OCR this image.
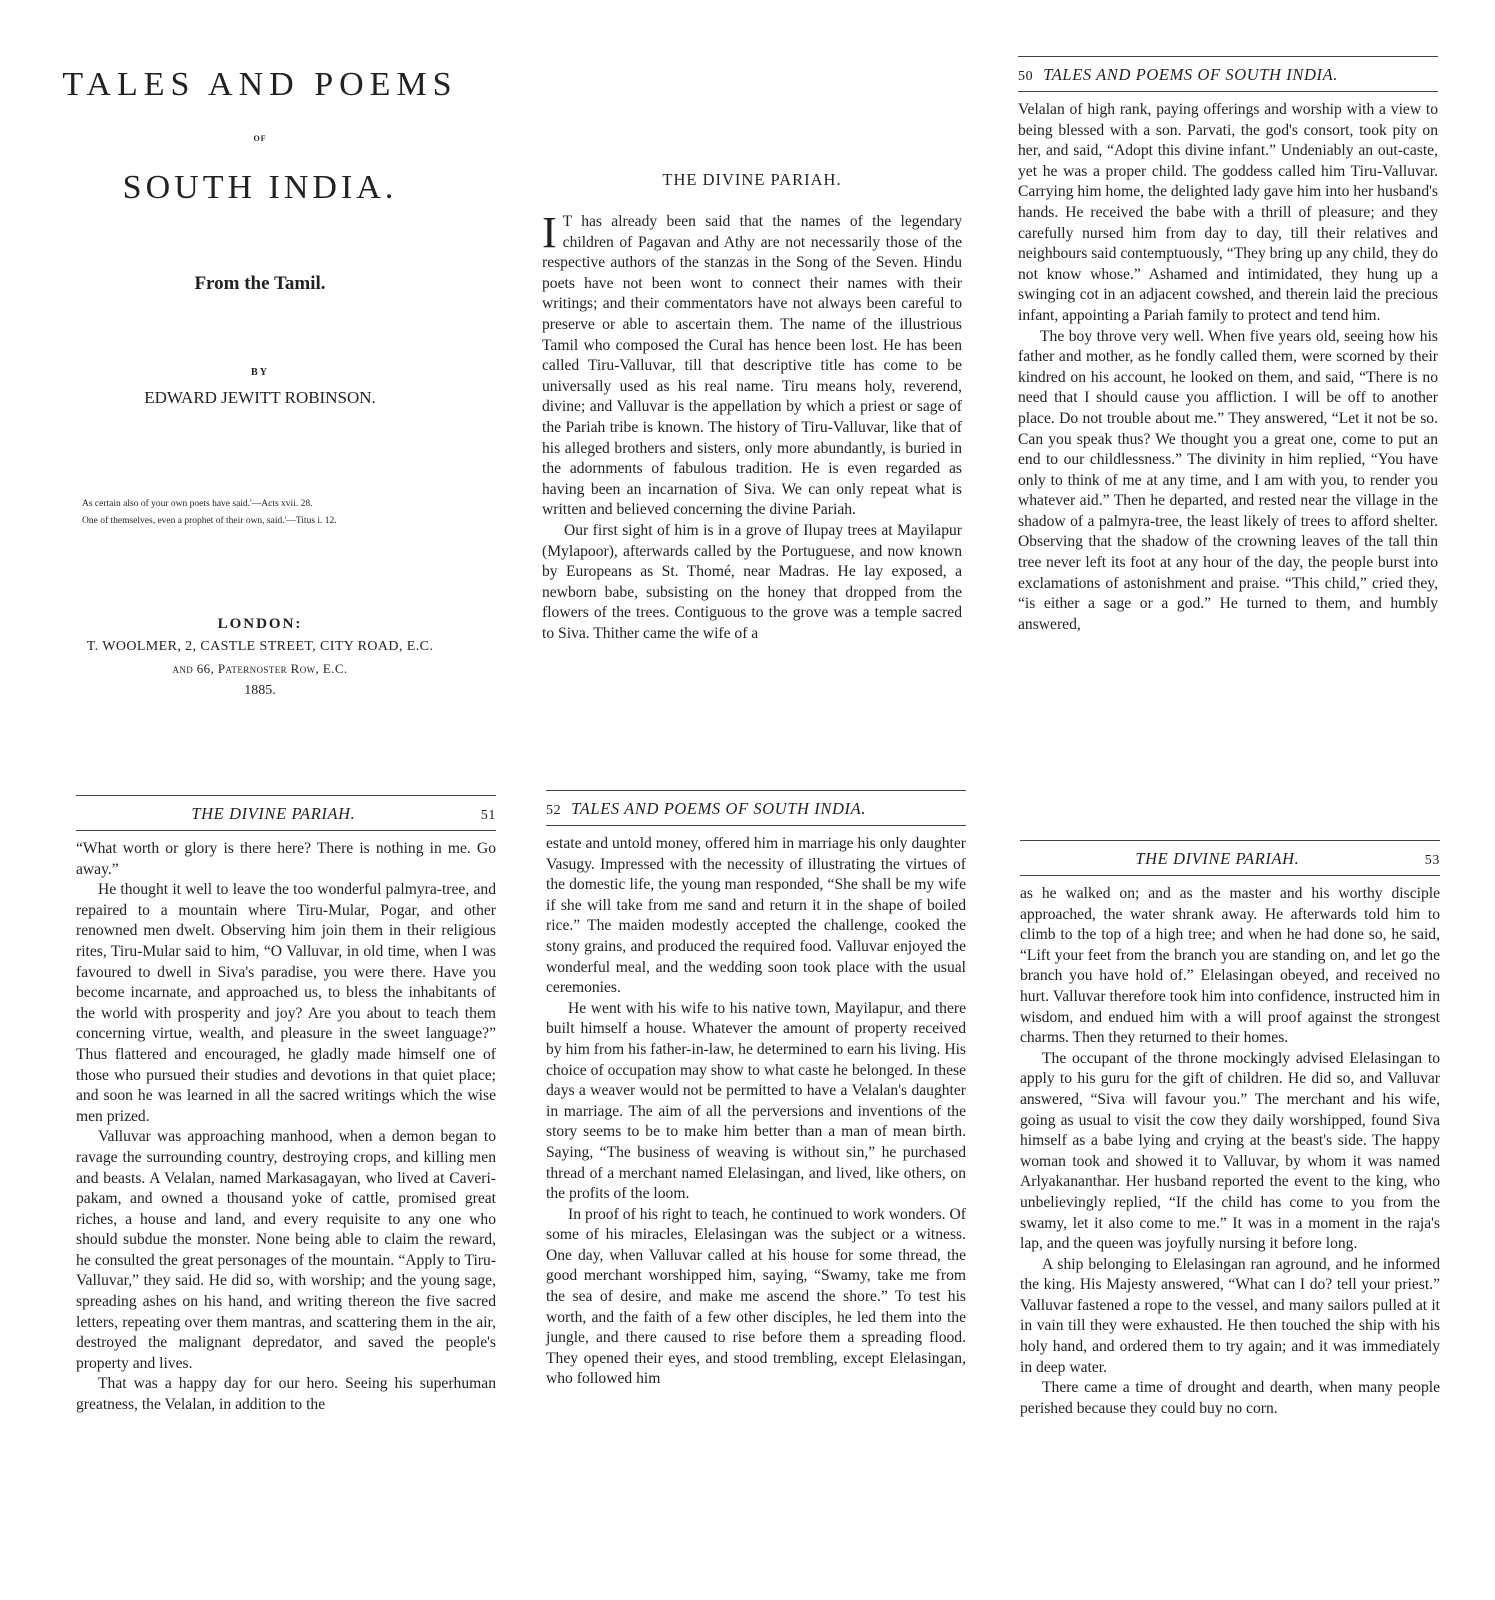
TALES AND POEMS
OF
SOUTH INDIA.
From the Tamil.
BY
EDWARD JEWITT ROBINSON.
As certain also of your own poets have said.'—Acts xvii. 28.
One of themselves, even a prophet of their own, said.'—Titus i. 12.
LONDON:
T. WOOLMER, 2, CASTLE STREET, CITY ROAD, E.C.
and 66, Paternoster Row, E.C.
1885.
THE DIVINE PARIAH.

I T has already been said that the names of the legendary children of Pagavan and Athy are not necessarily those of the respective authors of the stanzas in the Song of the Seven. Hindu poets have not been wont to connect their names with their writings; and their commentators have not always been careful to preserve or able to ascertain them. The name of the illustrious Tamil who composed the Cural has hence been lost. He has been called Tiru-Valluvar, till that descriptive title has come to be universally used as his real name. Tiru means holy, reverend, divine; and Valluvar is the appellation by which a priest or sage of the Pariah tribe is known. The history of Tiru-Valluvar, like that of his alleged brothers and sisters, only more abundantly, is buried in the adornments of fabulous tradition. He is even regarded as having been an incarnation of Siva. We can only repeat what is written and believed concerning the divine Pariah.

Our first sight of him is in a grove of Ilupay trees at Mayilapur (Mylapoor), afterwards called by the Portuguese, and now known by Europeans as St. Thomé, near Madras. He lay exposed, a newborn babe, subsisting on the honey that dropped from the flowers of the trees. Contiguous to the grove was a temple sacred to Siva. Thither came the wife of a

50 TALES AND POEMS OF SOUTH INDIA.

Velalan of high rank, paying offerings and worship with a view to being blessed with a son. Parvati, the god's consort, took pity on her, and said, “Adopt this divine infant.” Undeniably an out-caste, yet he was a proper child. The goddess called him Tiru-Valluvar. Carrying him home, the delighted lady gave him into her husband's hands. He received the babe with a thrill of pleasure; and they carefully nursed him from day to day, till their relatives and neighbours said contemptuously, “They bring up any child, they do not know whose.” Ashamed and intimidated, they hung up a swinging cot in an adjacent cowshed, and therein laid the precious infant, appointing a Pariah family to protect and tend him.

The boy throve very well. When five years old, seeing how his father and mother, as he fondly called them, were scorned by their kindred on his account, he looked on them, and said, “There is no need that I should cause you affliction. I will be off to another place. Do not trouble about me.” They answered, “Let it not be so. Can you speak thus? We thought you a great one, come to put an end to our childlessness.” The divinity in him replied, “You have only to think of me at any time, and I am with you, to render you whatever aid.” Then he departed, and rested near the village in the shadow of a palmyra-tree, the least likely of trees to afford shelter. Observing that the shadow of the crowning leaves of the tall thin tree never left its foot at any hour of the day, the people burst into exclamations of astonishment and praise. “This child,” cried they, “is either a sage or a god.” He turned to them, and humbly answered,

THE DIVINE PARIAH.	51

“What worth or glory is there here? There is nothing in me. Go away.”

He thought it well to leave the too wonderful palmyra-tree, and repaired to a mountain where Tiru-Mular, Pogar, and other renowned men dwelt. Observing him join them in their religious rites, Tiru-Mular said to him, “O Valluvar, in old time, when I was favoured to dwell in Siva's paradise, you were there. Have you become incarnate, and approached us, to bless the inhabitants of the world with prosperity and joy? Are you about to teach them concerning virtue, wealth, and pleasure in the sweet language?” Thus flattered and encouraged, he gladly made himself one of those who pursued their studies and devotions in that quiet place; and soon he was learned in all the sacred writings which the wise men prized.

Valluvar was approaching manhood, when a demon began to ravage the surrounding country, destroying crops, and killing men and beasts. A Velalan, named Markasagayan, who lived at Caveri-pakam, and owned a thousand yoke of cattle, promised great riches, a house and land, and every requisite to any one who should subdue the monster. None being able to claim the reward, he consulted the great personages of the mountain. “Apply to Tiru-Valluvar,” they said. He did so, with worship; and the young sage, spreading ashes on his hand, and writing thereon the five sacred letters, repeating over them mantras, and scattering them in the air, destroyed the malignant depredator, and saved the people's property and lives.

That was a happy day for our hero. Seeing his superhuman greatness, the Velalan, in addition to the

52 TALES AND POEMS OF SOUTH INDIA.

estate and untold money, offered him in marriage his only daughter Vasugy. Impressed with the necessity of illustrating the virtues of the domestic life, the young man responded, “She shall be my wife if she will take from me sand and return it in the shape of boiled rice.” The maiden modestly accepted the challenge, cooked the stony grains, and produced the required food. Valluvar enjoyed the wonderful meal, and the wedding soon took place with the usual ceremonies.

He went with his wife to his native town, Mayilapur, and there built himself a house. Whatever the amount of property received by him from his father-in-law, he determined to earn his living. His choice of occupation may show to what caste he belonged. In these days a weaver would not be permitted to have a Velalan's daughter in marriage. The aim of all the perversions and inventions of the story seems to be to make him better than a man of mean birth. Saying, “The business of weaving is without sin,” he purchased thread of a merchant named Elelasingan, and lived, like others, on the profits of the loom.

In proof of his right to teach, he continued to work wonders. Of some of his miracles, Elelasingan was the subject or a witness. One day, when Valluvar called at his house for some thread, the good merchant worshipped him, saying, “Swamy, take me from the sea of desire, and make me ascend the shore.” To test his worth, and the faith of a few other disciples, he led them into the jungle, and there caused to rise before them a spreading flood. They opened their eyes, and stood trembling, except Elelasingan, who followed him

THE DIVINE PARIAH.	53

as he walked on; and as the master and his worthy disciple approached, the water shrank away. He afterwards told him to climb to the top of a high tree; and when he had done so, he said, “Lift your feet from the branch you are standing on, and let go the branch you have hold of.” Elelasingan obeyed, and received no hurt. Valluvar therefore took him into confidence, instructed him in wisdom, and endued him with a will proof against the strongest charms. Then they returned to their homes.

The occupant of the throne mockingly advised Elelasingan to apply to his guru for the gift of children. He did so, and Valluvar answered, “Siva will favour you.” The merchant and his wife, going as usual to visit the cow they daily worshipped, found Siva himself as a babe lying and crying at the beast's side. The happy woman took and showed it to Valluvar, by whom it was named Arlyakananthar. Her husband reported the event to the king, who unbelievingly replied, “If the child has come to you from the swamy, let it also come to me.” It was in a moment in the raja's lap, and the queen was joyfully nursing it before long.

A ship belonging to Elelasingan ran aground, and he informed the king. His Majesty answered, “What can I do? tell your priest.” Valluvar fastened a rope to the vessel, and many sailors pulled at it in vain till they were exhausted. He then touched the ship with his holy hand, and ordered them to try again; and it was immediately in deep water.

There came a time of drought and dearth, when many people perished because they could buy no corn.
